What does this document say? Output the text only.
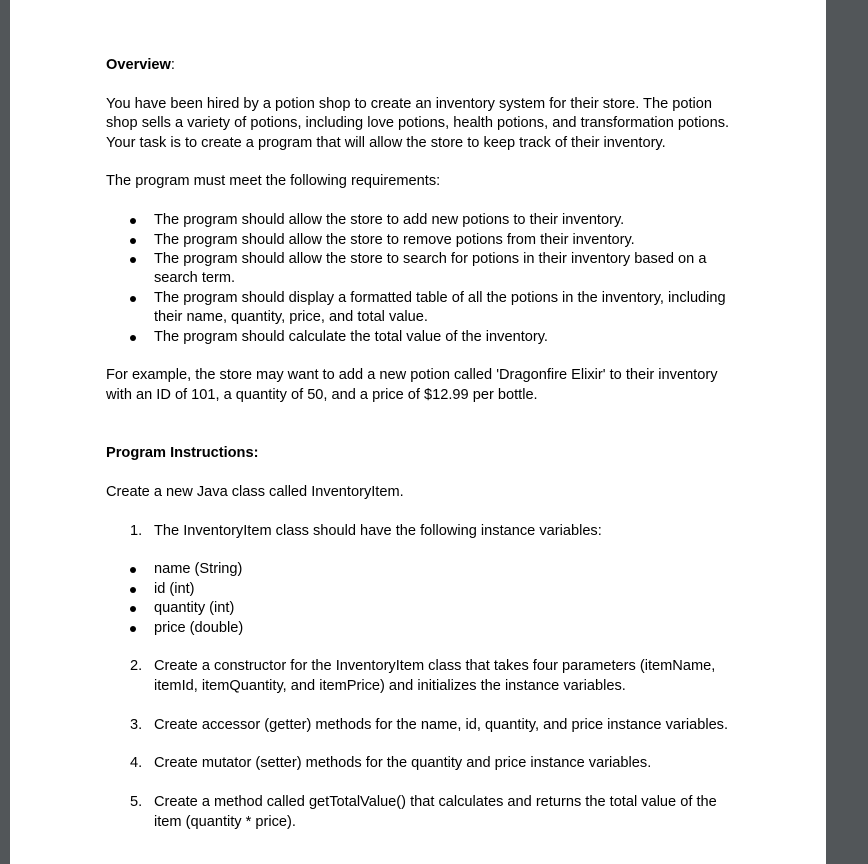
Overview:

You have been hired by a potion shop to create an inventory system for their store. The potion shop sells a variety of potions, including love potions, health potions, and transformation potions. Your task is to create a program that will allow the store to keep track of their inventory.

The program must meet the following requirements:

The program should allow the store to add new potions to their inventory.
The program should allow the store to remove potions from their inventory.
The program should allow the store to search for potions in their inventory based on a search term.
The program should display a formatted table of all the potions in the inventory, including their name, quantity, price, and total value.
The program should calculate the total value of the inventory.

For example, the store may want to add a new potion called 'Dragonfire Elixir' to their inventory with an ID of 101, a quantity of 50, and a price of $12.99 per bottle.

Program Instructions:

Create a new Java class called InventoryItem.

1. The InventoryItem class should have the following instance variables:
name (String)
id (int)
quantity (int)
price (double)
2. Create a constructor for the InventoryItem class that takes four parameters (itemName, itemId, itemQuantity, and itemPrice) and initializes the instance variables.
3. Create accessor (getter) methods for the name, id, quantity, and price instance variables.
4. Create mutator (setter) methods for the quantity and price instance variables.
5. Create a method called getTotalValue() that calculates and returns the total value of the item (quantity * price).
